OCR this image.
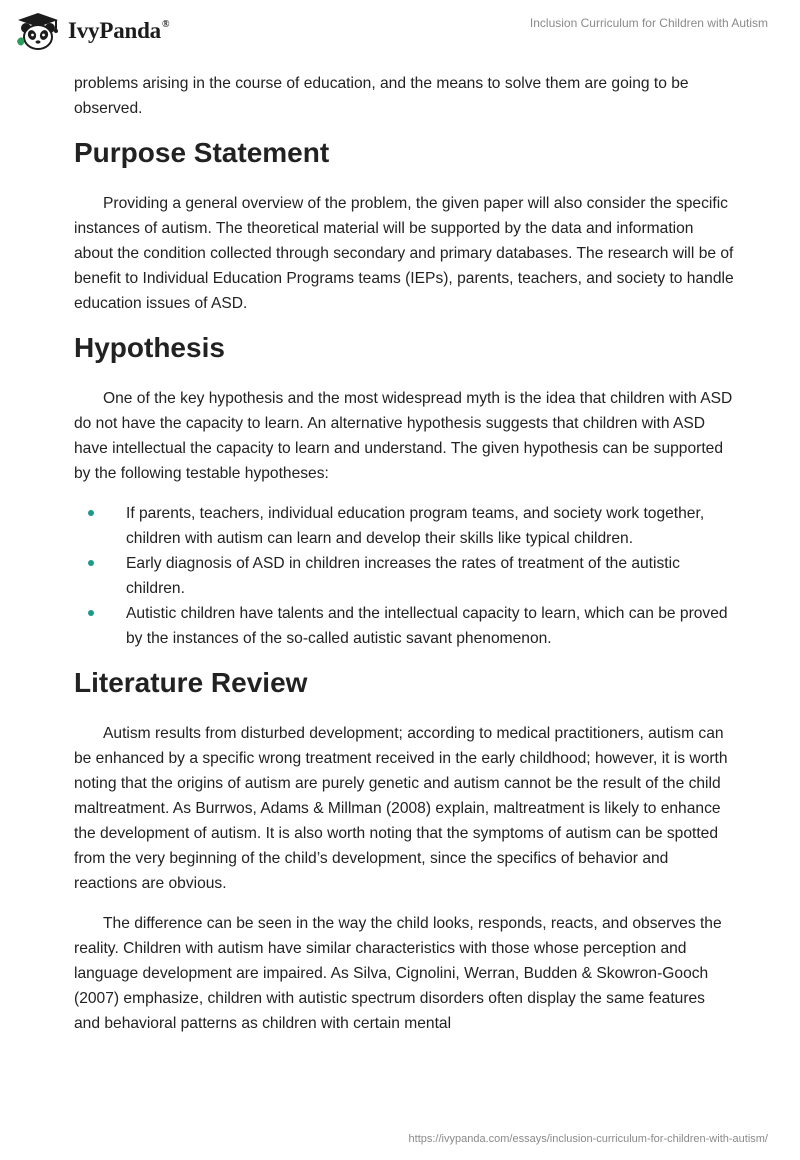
IvyPanda®	Inclusion Curriculum for Children with Autism

problems arising in the course of education, and the means to solve them are going to be observed.

Purpose Statement

Providing a general overview of the problem, the given paper will also consider the specific instances of autism. The theoretical material will be supported by the data and information about the condition collected through secondary and primary databases. The research will be of benefit to Individual Education Programs teams (IEPs), parents, teachers, and society to handle education issues of ASD.

Hypothesis

One of the key hypothesis and the most widespread myth is the idea that children with ASD do not have the capacity to learn. An alternative hypothesis suggests that children with ASD have intellectual the capacity to learn and understand. The given hypothesis can be supported by the following testable hypotheses:

If parents, teachers, individual education program teams, and society work together, children with autism can learn and develop their skills like typical children.
Early diagnosis of ASD in children increases the rates of treatment of the autistic children.
Autistic children have talents and the intellectual capacity to learn, which can be proved by the instances of the so-called autistic savant phenomenon.
Literature Review

Autism results from disturbed development; according to medical practitioners, autism can be enhanced by a specific wrong treatment received in the early childhood; however, it is worth noting that the origins of autism are purely genetic and autism cannot be the result of the child maltreatment. As Burrwos, Adams & Millman (2008) explain, maltreatment is likely to enhance the development of autism. It is also worth noting that the symptoms of autism can be spotted from the very beginning of the child’s development, since the specifics of behavior and reactions are obvious.

The difference can be seen in the way the child looks, responds, reacts, and observes the reality. Children with autism have similar characteristics with those whose perception and language development are impaired. As Silva, Cignolini, Werran, Budden & Skowron-Gooch (2007) emphasize, children with autistic spectrum disorders often display the same features and behavioral patterns as children with certain mental

https://ivypanda.com/essays/inclusion-curriculum-for-children-with-autism/
